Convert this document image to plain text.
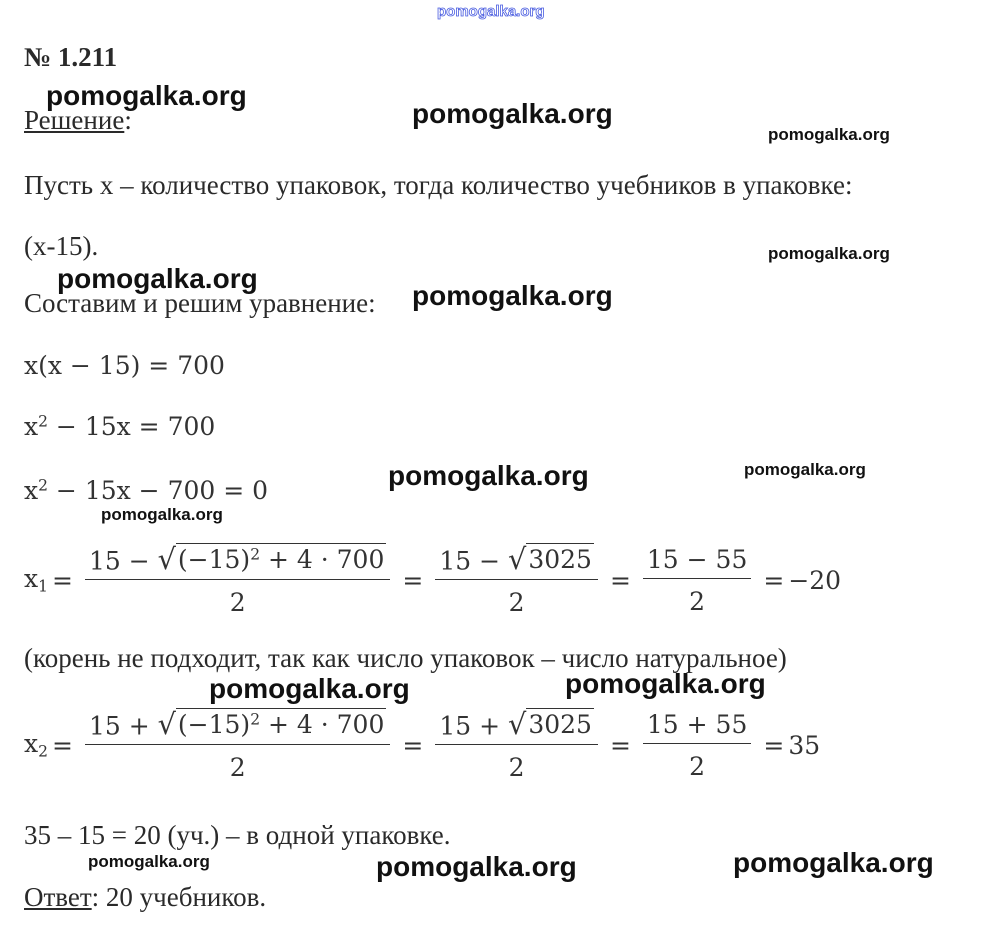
pomogalka.org
№ 1.211
Решение:
Пусть x – количество упаковок, тогда количество учебников в упаковке:
(x-15).
Составим и решим уравнение:
x(x − 15) = 700
$x^2 - 15x = 700$
$x^2 - 15x - 700 = 0$
$x_1 = \frac{15 - √ (-15)^2 + 4 \cdot 700}{2} = \frac{15 - √ 3025}{2} = \frac{15 - 55}{2} = -20$
(корень не подходит, так как число упаковок – число натуральное)
$x_2 = \frac{15 + √ (-15)^2 + 4 \cdot 700}{2} = \frac{15 + √ 3025}{2} = \frac{15 + 55}{2} = 35$
35 – 15 = 20 (уч.) – в одной упаковке.
Ответ: 20 учебников.
pomogalka.org
pomogalka.org
pomogalka.org
pomogalka.org
pomogalka.org
pomogalka.org
pomogalka.org	pomogalka.org
pomogalka.org
pomogalka.org	pomogalka.org
pomogalka.org	pomogalka.org	pomogalka.org
